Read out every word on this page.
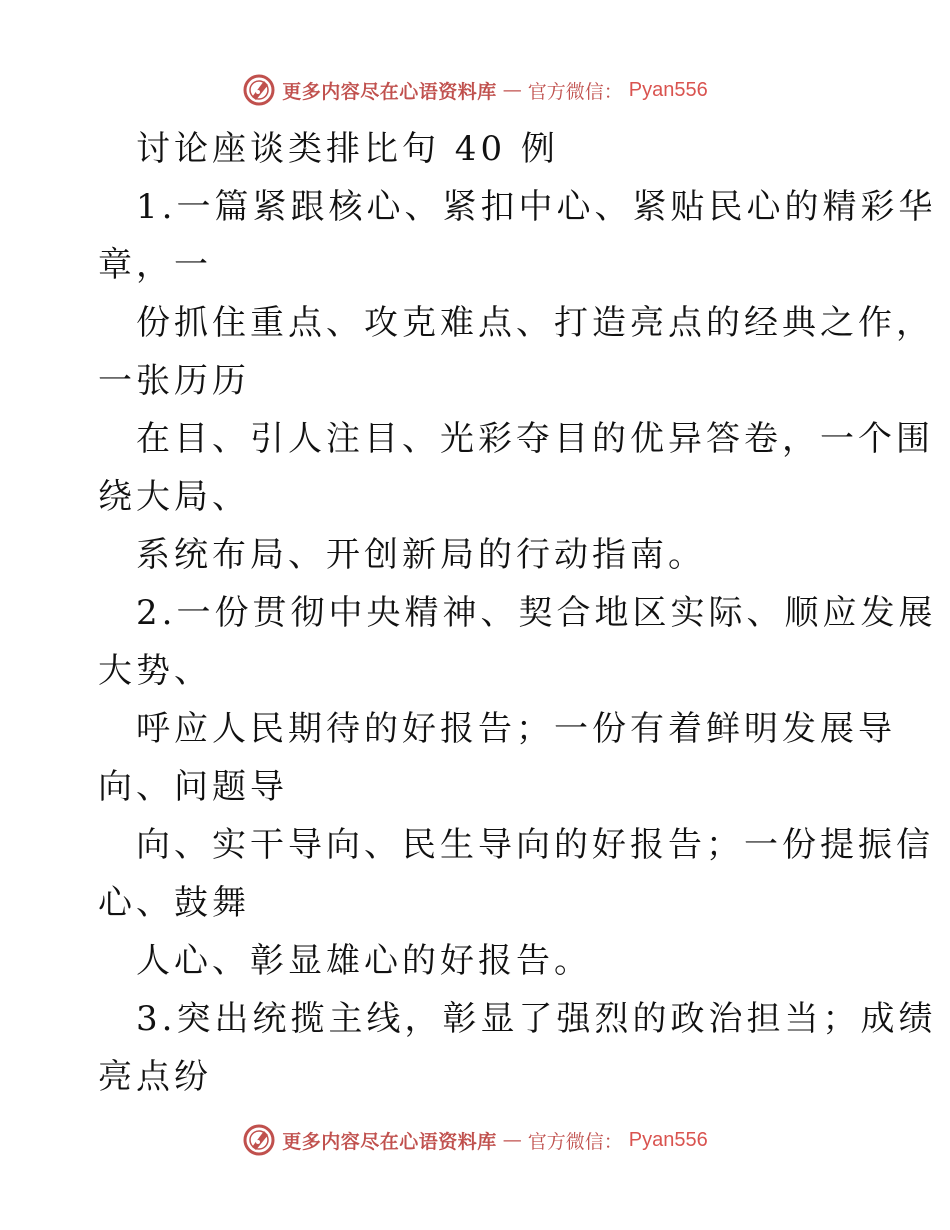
更多内容尽在心语资料库 — 官方微信： Pyan556
讨论座谈类排比句 40 例
1.一篇紧跟核心、紧扣中心、紧贴民心的精彩华
章，一
份抓住重点、攻克难点、打造亮点的经典之作，
一张历历
在目、引人注目、光彩夺目的优异答卷，一个围
绕大局、
系统布局、开创新局的行动指南。
2.一份贯彻中央精神、契合地区实际、顺应发展
大势、
呼应人民期待的好报告；一份有着鲜明发展导
向、问题导
向、实干导向、民生导向的好报告；一份提振信
心、鼓舞
人心、彰显雄心的好报告。
3.突出统揽主线，彰显了强烈的政治担当；成绩
亮点纷
更多内容尽在心语资料库 — 官方微信： Pyan556
